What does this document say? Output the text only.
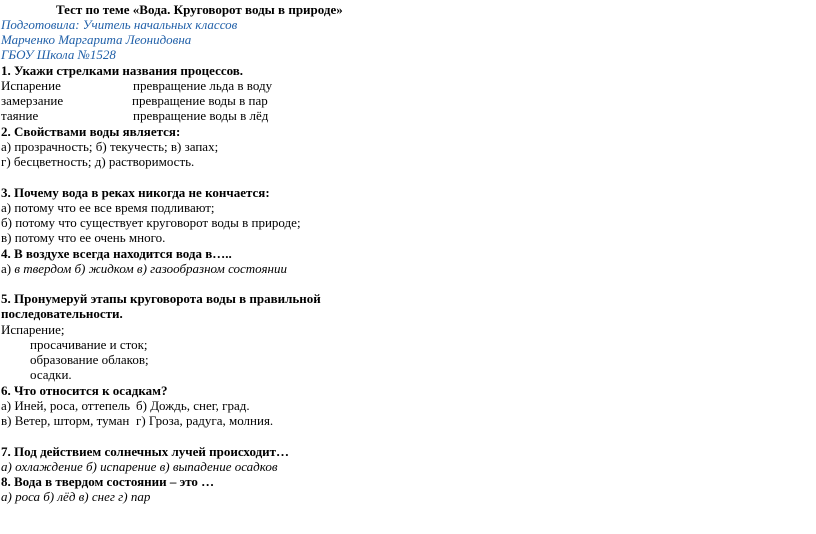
Тест по теме «Вода. Круговорот воды в природе»
Подготовила: Учитель начальных классов
Марченко Маргарита Леонидовна
ГБОУ Школа №1528
1. Укажи стрелками названия процессов.
Испарение	превращение льда в воду
замерзание	превращение воды в пар
таяние	превращение воды в лёд
2. Свойствами воды является:
а) прозрачность; б) текучесть; в) запах;
г) бесцветность; д) растворимость.
3. Почему вода в реках никогда не кончается:
а) потому что ее все время подливают;
б) потому что существует круговорот воды в природе;
в) потому что ее очень много.
4. В воздухе всегда находится вода в…..
а) в твердом б) жидком в) газообразном состоянии
5. Пронумеруй этапы круговорота воды в правильной
последовательности.
Испарение;
просачивание и сток;
образование облаков;
осадки.
6. Что относится к осадкам?
а) Иней, роса, оттепель б) Дождь, снег, град.
в) Ветер, шторм, туман г) Гроза, радуга, молния.
7. Под действием солнечных лучей происходит…
а) охлаждение б) испарение в) выпадение осадков
8. Вода в твердом состоянии – это …
а) роса б) лёд в) снег г) пар
